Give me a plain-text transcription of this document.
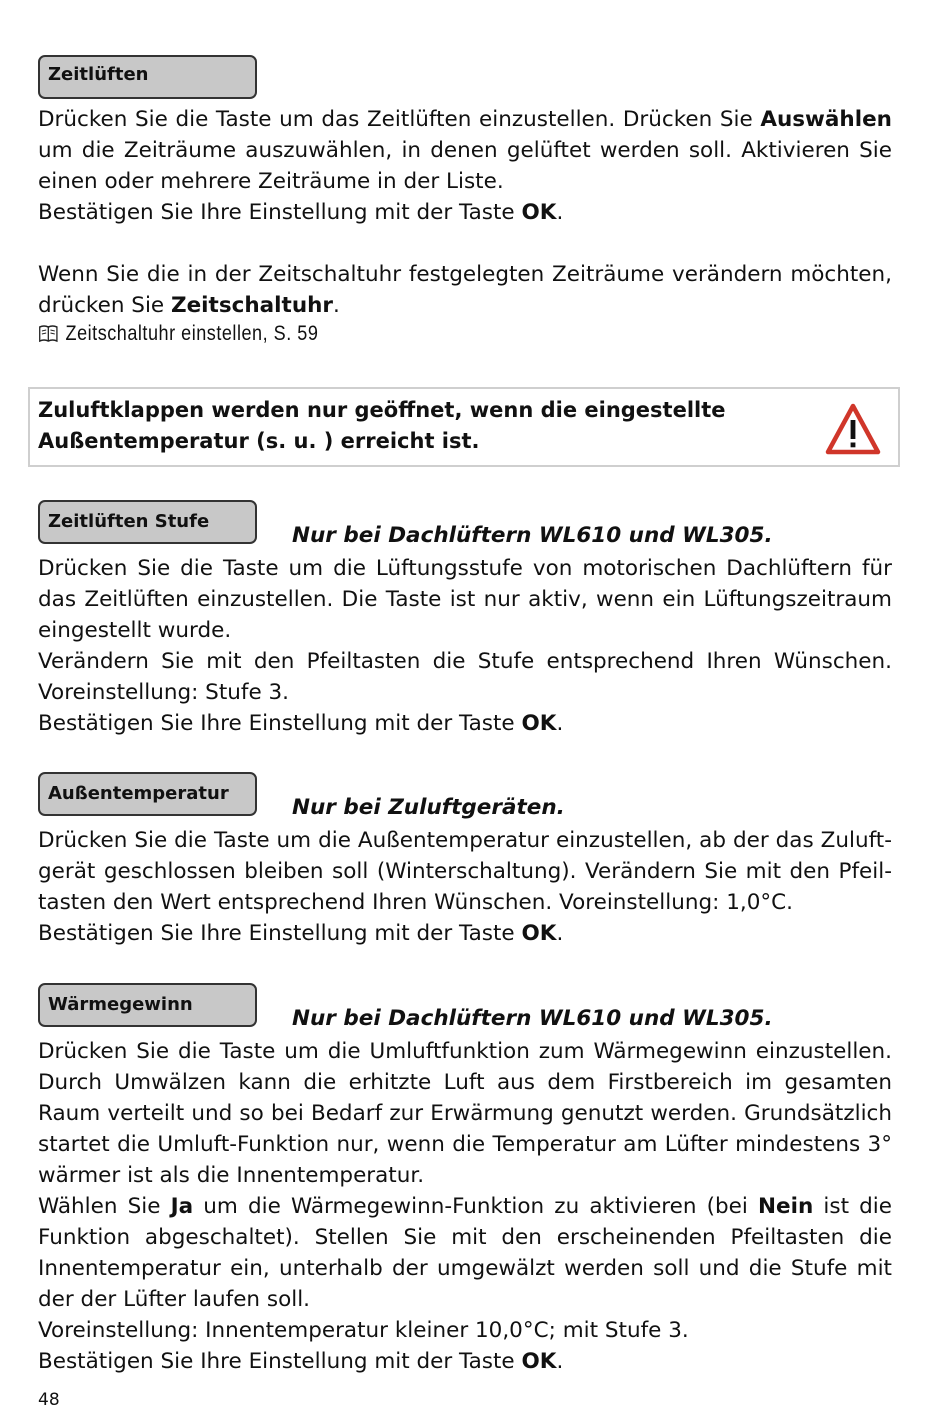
Zeitlüften

Drücken Sie die Taste um das Zeitlüften einzustellen. Drücken Sie Auswählen um die Zeiträume auszuwählen, in denen gelüftet werden soll. Aktivieren Sie einen oder mehrere Zeiträume in der Liste.

Bestätigen Sie Ihre Einstellung mit der Taste OK.

Wenn Sie die in der Zeitschaltuhr festgelegten Zeiträume verändern möchten, drücken Sie Zeitschaltuhr.

Zeitschaltuhr einstellen, S. 59
Zuluftklappen werden nur geöffnet, wenn die eingestellte
Außentemperatur (s. u. ) erreicht ist.
Zeitlüften Stufe
Nur bei Dachlüftern WL610 und WL305.

Drücken Sie die Taste um die Lüftungsstufe von motorischen Dachlüftern für das Zeitlüften einzustellen. Die Taste ist nur aktiv, wenn ein Lüftungszeitraum eingestellt wurde.

Verändern Sie mit den Pfeiltasten die Stufe entsprechend Ihren Wünschen.

Voreinstellung: Stufe 3.

Bestätigen Sie Ihre Einstellung mit der Taste OK.

Außentemperatur
Nur bei Zuluftgeräten.

Drücken Sie die Taste um die Außentemperatur einzustellen, ab der das Zuluftgerät geschlossen bleiben soll (Winterschaltung). Verändern Sie mit den Pfeiltasten den Wert entsprechend Ihren Wünschen. Voreinstellung: 1,0°C.

Bestätigen Sie Ihre Einstellung mit der Taste OK.

Wärmegewinn
Nur bei Dachlüftern WL610 und WL305.

Drücken Sie die Taste um die Umluftfunktion zum Wärmegewinn einzustellen. Durch Umwälzen kann die erhitzte Luft aus dem Firstbereich im gesamten Raum verteilt und so bei Bedarf zur Erwärmung genutzt werden. Grundsätzlich startet die Umluft-Funktion nur, wenn die Temperatur am Lüfter mindestens 3° wärmer ist als die Innentemperatur.

Wählen Sie Ja um die Wärmegewinn-Funktion zu aktivieren (bei Nein ist die Funktion abgeschaltet). Stellen Sie mit den erscheinenden Pfeiltasten die Innentemperatur ein, unterhalb der umgewälzt werden soll und die Stufe mit der der Lüfter laufen soll.

Voreinstellung: Innentemperatur kleiner 10,0°C; mit Stufe 3.

Bestätigen Sie Ihre Einstellung mit der Taste OK.

48
